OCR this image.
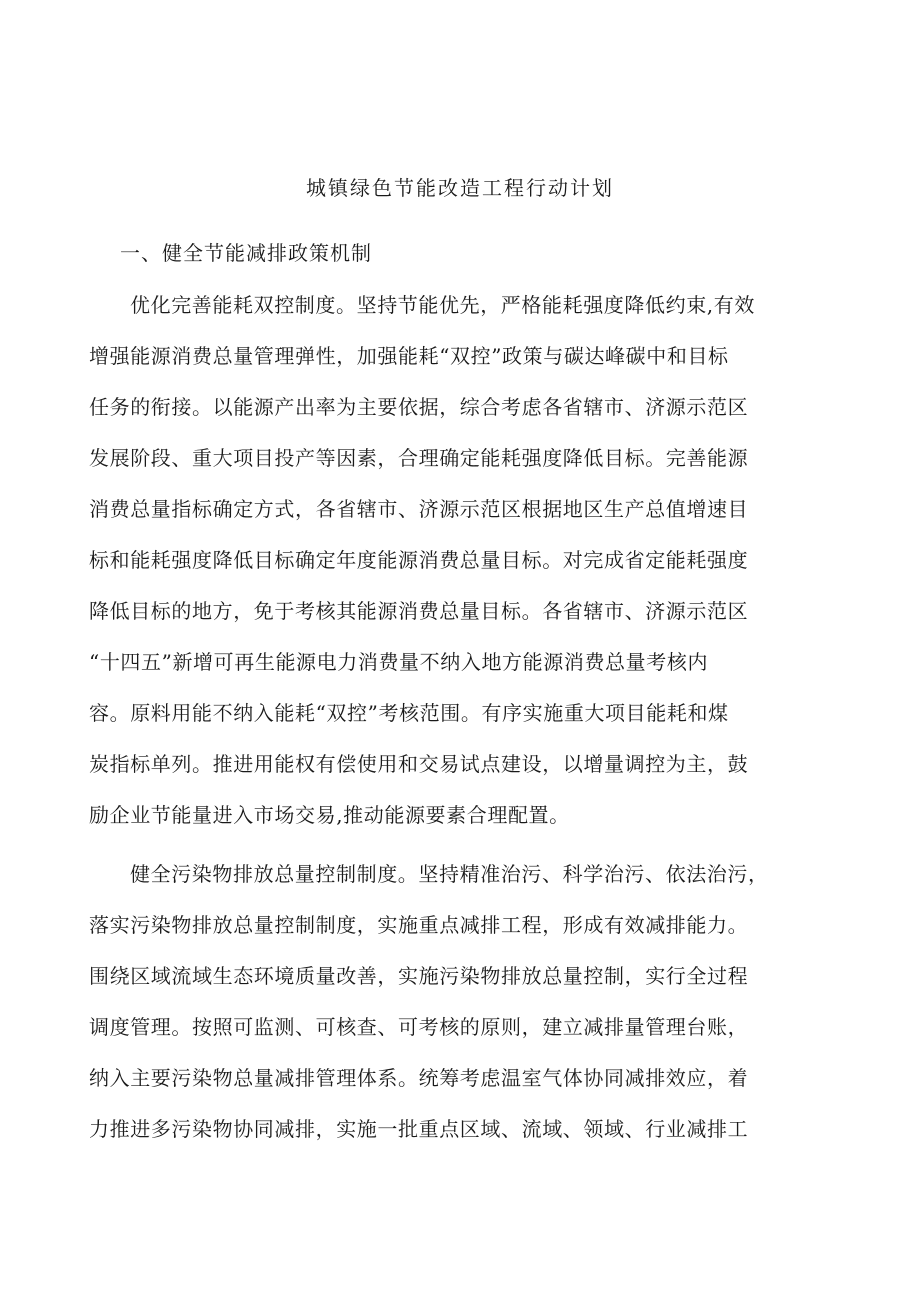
城镇绿色节能改造工程行动计划
一、健全节能减排政策机制
优化完善能耗双控制度。坚持节能优先，严格能耗强度降低约束,有效
增强能源消费总量管理弹性，加强能耗“双控”政策与碳达峰碳中和目标
任务的衔接。以能源产出率为主要依据，综合考虑各省辖市、济源示范区
发展阶段、重大项目投产等因素，合理确定能耗强度降低目标。完善能源
消费总量指标确定方式，各省辖市、济源示范区根据地区生产总值增速目
标和能耗强度降低目标确定年度能源消费总量目标。对完成省定能耗强度
降低目标的地方，免于考核其能源消费总量目标。各省辖市、济源示范区
“十四五”新增可再生能源电力消费量不纳入地方能源消费总量考核内
容。原料用能不纳入能耗“双控”考核范围。有序实施重大项目能耗和煤
炭指标单列。推进用能权有偿使用和交易试点建设，以增量调控为主，鼓
励企业节能量进入市场交易,推动能源要素合理配置。
健全污染物排放总量控制制度。坚持精准治污、科学治污、依法治污，
落实污染物排放总量控制制度，实施重点减排工程，形成有效减排能力。
围绕区域流域生态环境质量改善，实施污染物排放总量控制，实行全过程
调度管理。按照可监测、可核查、可考核的原则，建立减排量管理台账，
纳入主要污染物总量减排管理体系。统筹考虑温室气体协同减排效应，着
力推进多污染物协同减排，实施一批重点区域、流域、领域、行业减排工
